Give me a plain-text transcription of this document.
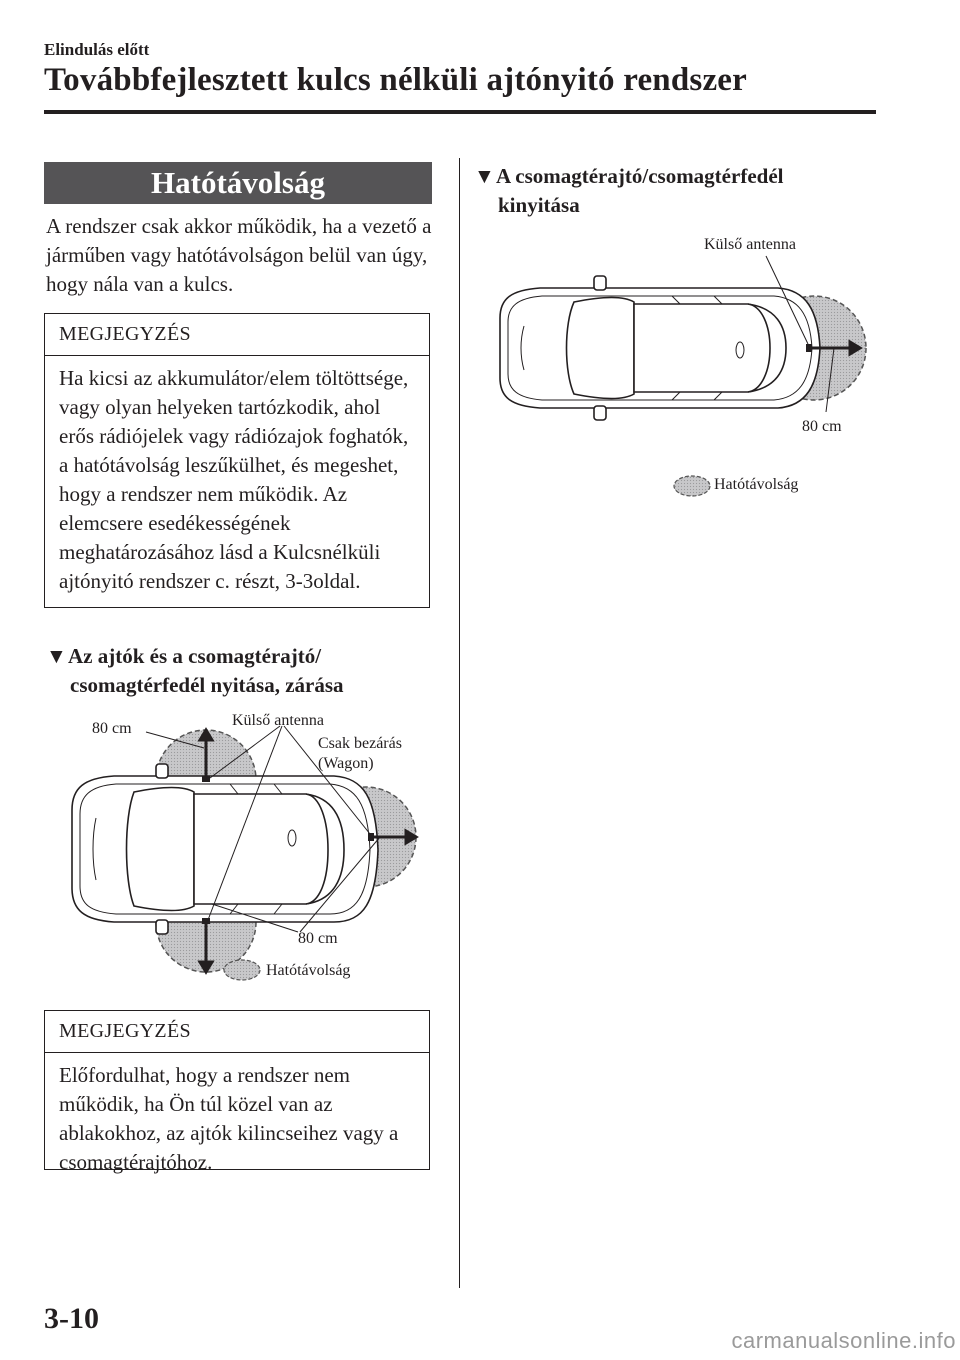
Elindulás előtt
Továbbfejlesztett kulcs nélküli ajtónyitó rendszer
Hatótávolság
A rendszer csak akkor működik, ha a vezető a járműben vagy hatótávolságon belül van úgy, hogy nála van a kulcs.
MEGJEGYZÉS
Ha kicsi az akkumulátor/elem töltöttsége, vagy olyan helyeken tartózkodik, ahol erős rádiójelek vagy rádiózajok foghatók, a hatótávolság leszűkülhet, és megeshet, hogy a rendszer nem működik. Az elemcsere esedékességének meghatározásához lásd a Kulcsnélküli ajtónyitó rendszer c. részt, 3-3oldal.
▼Az ajtók és a csomagtérajtó/
csomagtérfedél nyitása, zárása
80 cm	Külső antenna
Csak bezárás
(Wagon)
80 cm
Hatótávolság
MEGJEGYZÉS
Előfordulhat, hogy a rendszer nem működik, ha Ön túl közel van az ablakokhoz, az ajtók kilincseihez vagy a csomagtérajtóhoz.
▼A csomagtérajtó/csomagtérfedél
kinyitása
Külső antenna
80 cm
Hatótávolság
3-10
carmanualsonline.info
